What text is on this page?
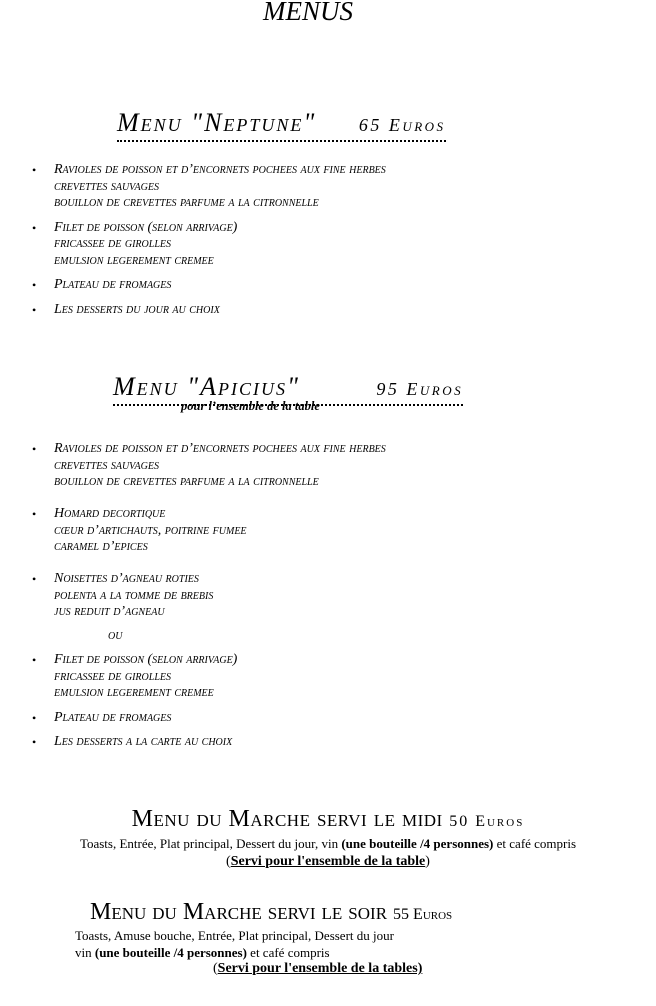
MENUS
Menu "Neptune" 65 Euros
• Ravioles de poisson et d’encornets pochees aux fine herbes
crevettes sauvages
bouillon de crevettes parfume a la citronnelle
• Filet de poisson (selon arrivage)
fricassee de girolles
emulsion legerement cremee
• Plateau de fromages
• Les desserts du jour au choix
Menu "Apicius"	95 Euros
pour l’ensemble de la table
• Ravioles de poisson et d’encornets pochees aux fine herbes
crevettes sauvages
bouillon de crevettes parfume a la citronnelle
• Homard decortique
cœur d’artichauts, poitrine fumee
caramel d’epices
• Noisettes d’agneau roties
polenta a la tomme de brebis
jus reduit d’agneau
ou
• Filet de poisson (selon arrivage)
fricassee de girolles
emulsion legerement cremee
• Plateau de fromages
• Les desserts a la carte au choix
Menu du Marche servi le midi 50 Euros
Toasts, Entrée, Plat principal, Dessert du jour, vin (une bouteille /4 personnes) et café compris
(Servi pour l'ensemble de la table)
Menu du Marche servi le soir 55 Euros
Toasts, Amuse bouche, Entrée, Plat principal, Dessert du jour
vin (une bouteille /4 personnes) et café compris
(Servi pour l'ensemble de la tables)
